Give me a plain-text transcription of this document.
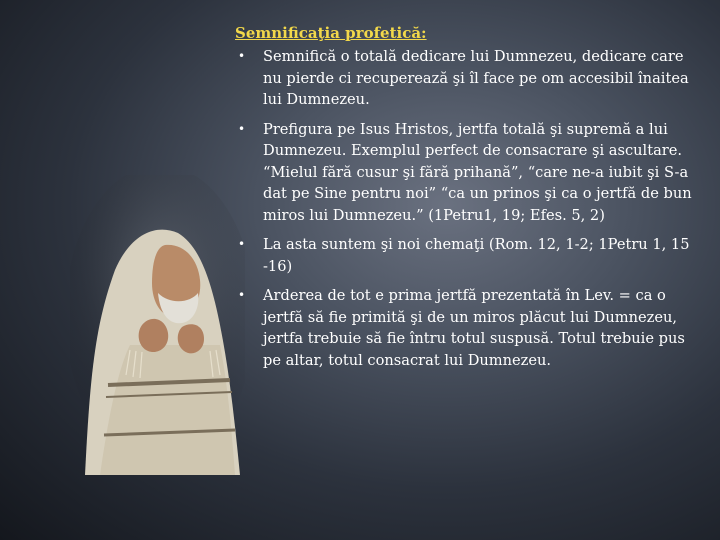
Semnificaţia profetică:
• Semnifică o totală dedicare lui Dumnezeu, dedicare care nu pierde ci recuperează şi îl face pe om accesibil înaitea lui Dumnezeu.
• Prefigura pe Isus Hristos, jertfa totală şi supremă a lui Dumnezeu. Exemplul perfect de consacrare şi ascultare. “Mielul fără cusur şi fără prihană”, “care ne-a iubit şi S-a dat pe Sine pentru noi” “ca un prinos şi ca o jertfă de bun miros lui Dumnezeu.” (1Petru1, 19; Efes. 5, 2)
• La asta suntem şi noi chemaţi (Rom. 12, 1-2; 1Petru 1, 15 -16)
• Arderea de tot e prima jertfă prezentată în Lev. = ca o jertfă să fie primită şi de un miros plăcut lui Dumnezeu, jertfa trebuie să fie întru totul suspusă. Totul trebuie pus pe altar, totul consacrat lui Dumnezeu.
